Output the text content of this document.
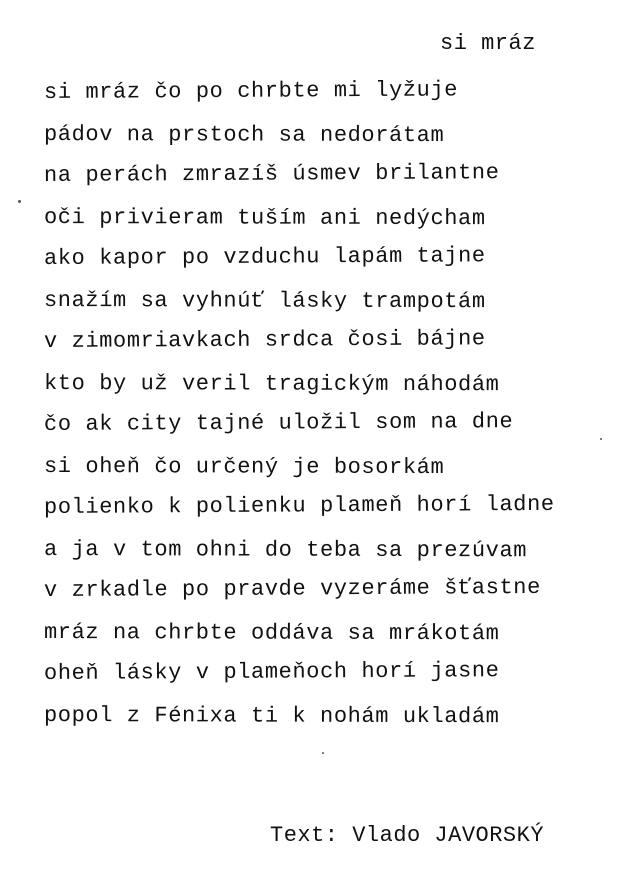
si mráz
si mráz čo po chrbte mi lyžuje
pádov na prstoch sa nedorátam
na perách zmrazíš úsmev brilantne
oči privieram tuším ani nedýcham
ako kapor po vzduchu lapám tajne
snažím sa vyhnúť lásky trampotám
v zimomriavkach srdca čosi bájne
kto by už veril tragickým náhodám
čo ak city tajné uložil som na dne
si oheň čo určený je bosorkám
polienko k polienku plameň horí ladne
a ja v tom ohni do teba sa prezúvam
v zrkadle po pravde vyzeráme šťastne
mráz na chrbte oddáva sa mrákotám
oheň lásky v plameňoch horí jasne
popol z Fénixa ti k nohám ukladám
Text: Vlado JAVORSKÝ
